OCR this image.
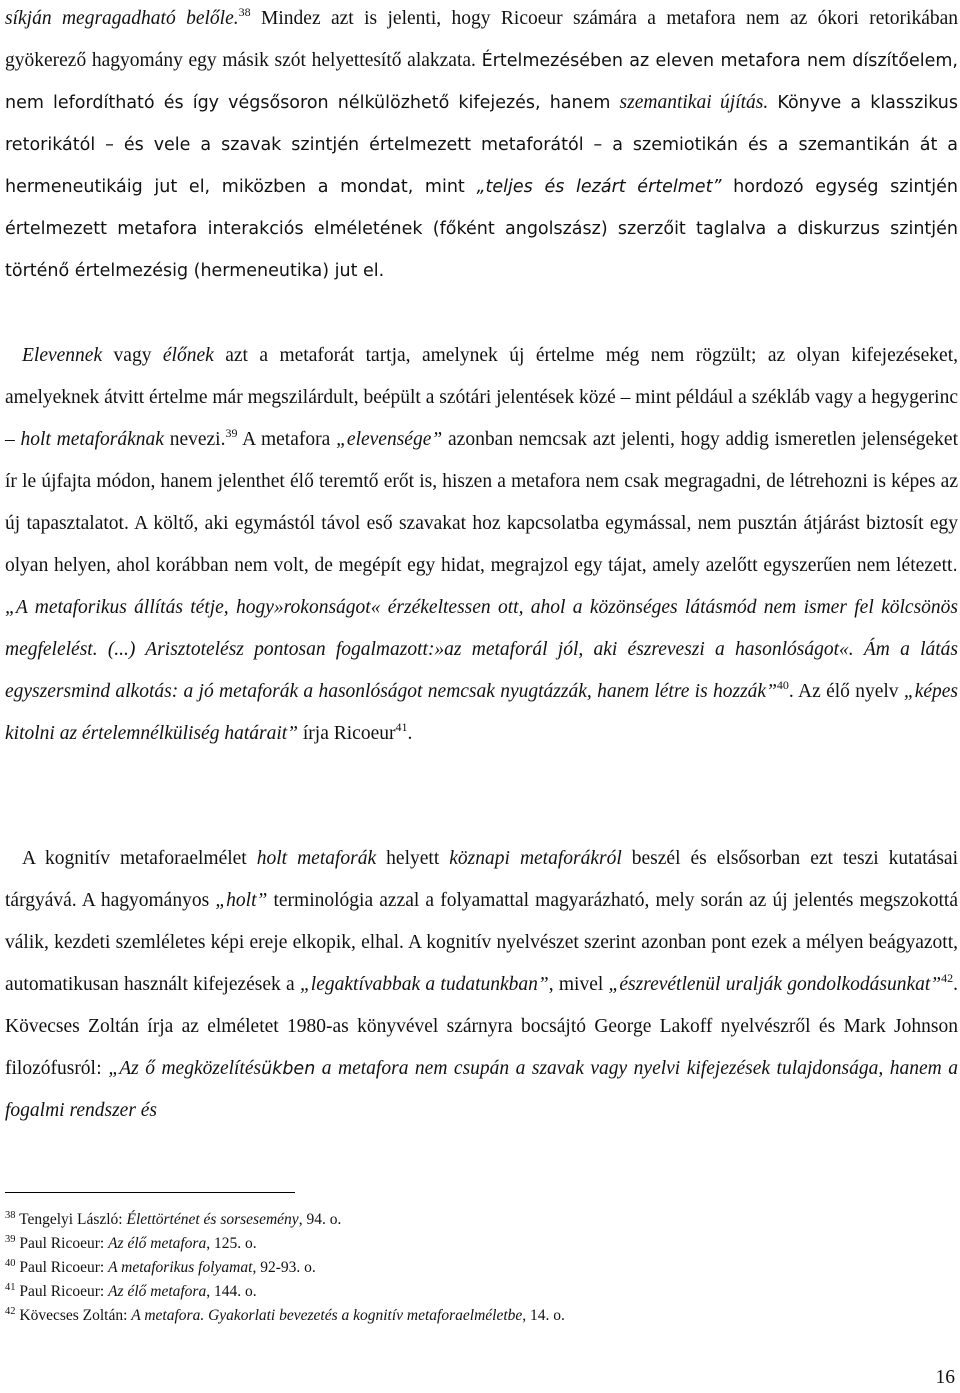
síkján megragadható belőle.$^{38}$ Mindez azt is jelenti, hogy Ricoeur számára a metafora nem az ókori retorikában gyökerező hagyomány egy másik szót helyettesítő alakzata. Értelmezésében az eleven metafora nem díszítőelem, nem lefordítható és így végsősoron nélkülözhető kifejezés, hanem szemantikai újítás. Könyve a klasszikus retorikától – és vele a szavak szintjén értelmezett metaforától – a szemiotikán és a szemantikán át a hermeneutikáig jut el, miközben a mondat, mint „teljes és lezárt értelmet” hordozó egység szintjén értelmezett metafora interakciós elméletének (főként angolszász) szerzőit taglalva a diskurzus szintjén történő értelmezésig (hermeneutika) jut el.

Elevennek vagy élőnek azt a metaforát tartja, amelynek új értelme még nem rögzült; az olyan kifejezéseket, amelyeknek átvitt értelme már megszilárdult, beépült a szótári jelentések közé – mint például a székláb vagy a hegygerinc – holt metaforáknak nevezi.$^{39}$ A metafora „elevensége” azonban nemcsak azt jelenti, hogy addig ismeretlen jelenségeket ír le újfajta módon, hanem jelenthet élő teremtő erőt is, hiszen a metafora nem csak megragadni, de létrehozni is képes az új tapasztalatot. A költő, aki egymástól távol eső szavakat hoz kapcsolatba egymással, nem pusztán átjárást biztosít egy olyan helyen, ahol korábban nem volt, de megépít egy hidat, megrajzol egy tájat, amely azelőtt egyszerűen nem létezett. „A metaforikus állítás tétje, hogy»rokonságot« érzékeltessen ott, ahol a közönséges látásmód nem ismer fel kölcsönös megfelelést. (...) Arisztotelész pontosan fogalmazott:»az metaforál jól, aki észreveszi a hasonlóságot«. Ám a látás egyszersmind alkotás: a jó metaforák a hasonlóságot nemcsak nyugtázzák, hanem létre is hozzák”$^{40}$. Az élő nyelv „képes kitolni az értelemnélküliség határait” írja Ricoeur$^{41}$.

A kognitív metaforaelmélet holt metaforák helyett köznapi metaforákról beszél és elsősorban ezt teszi kutatásai tárgyává. A hagyományos „holt” terminológia azzal a folyamattal magyarázható, mely során az új jelentés megszokottá válik, kezdeti szemléletes képi ereje elkopik, elhal. A kognitív nyelvészet szerint azonban pont ezek a mélyen beágyazott, automatikusan használt kifejezések a „legaktívabbak a tudatunkban”, mivel „észrevétlenül uralják gondolkodásunkat”$^{42}$. Kövecses Zoltán írja az elméletet 1980-as könyvével szárnyra bocsájtó George Lakoff nyelvészről és Mark Johnson filozófusról: „Az ő megközelítésükben a metafora nem csupán a szavak vagy nyelvi kifejezések tulajdonsága, hanem a fogalmi rendszer és

$^{38}$ Tengelyi László: Élettörténet és sorsesemény, 94. o.
$^{39}$ Paul Ricoeur: Az élő metafora, 125. o.
$^{40}$ Paul Ricoeur: A metaforikus folyamat, 92-93. o.
$^{41}$ Paul Ricoeur: Az élő metafora, 144. o.
$^{42}$ Kövecses Zoltán: A metafora. Gyakorlati bevezetés a kognitív metaforaelméletbe, 14. o.
16
